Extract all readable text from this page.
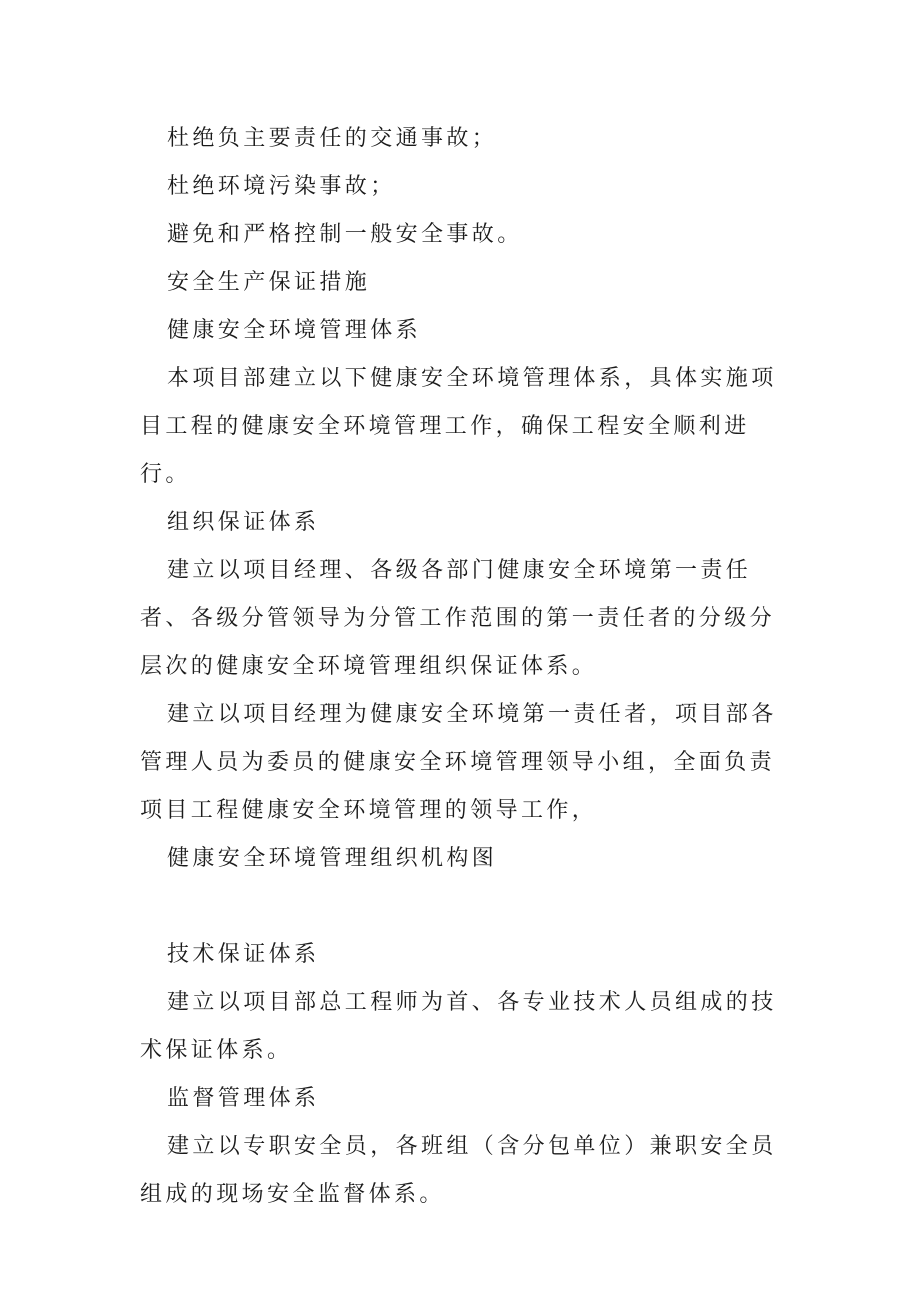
杜绝负主要责任的交通事故；

杜绝环境污染事故；

避免和严格控制一般安全事故。

安全生产保证措施

健康安全环境管理体系

本项目部建立以下健康安全环境管理体系，具体实施项目工程的健康安全环境管理工作，确保工程安全顺利进行。

组织保证体系

建立以项目经理、各级各部门健康安全环境第一责任者、各级分管领导为分管工作范围的第一责任者的分级分层次的健康安全环境管理组织保证体系。

建立以项目经理为健康安全环境第一责任者，项目部各管理人员为委员的健康安全环境管理领导小组，全面负责项目工程健康安全环境管理的领导工作，

健康安全环境管理组织机构图

技术保证体系

建立以项目部总工程师为首、各专业技术人员组成的技术保证体系。

监督管理体系

建立以专职安全员，各班组（含分包单位）兼职安全员组成的现场安全监督体系。
